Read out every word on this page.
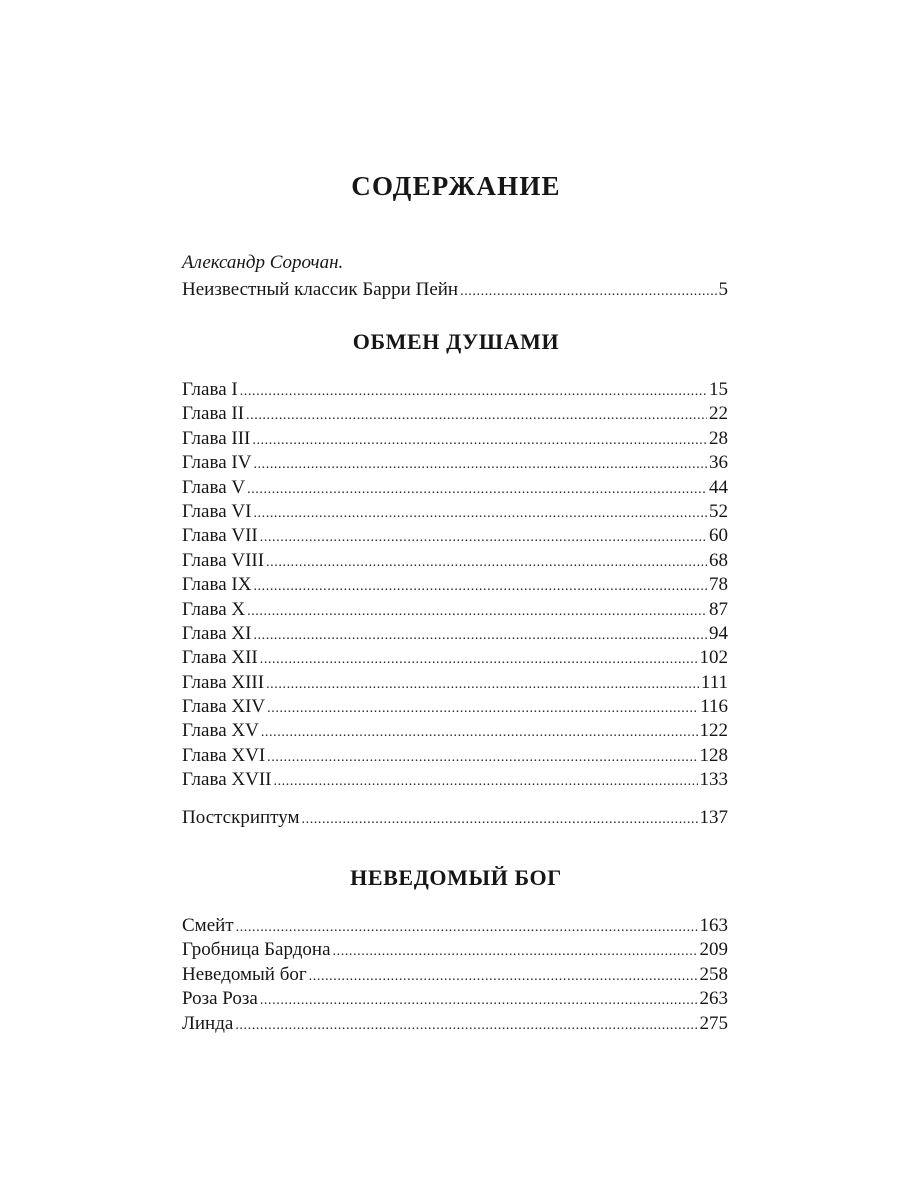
СОДЕРЖАНИЕ
Александр Сорочан.
Неизвестный классик Барри Пейн .....	5
ОБМЕН ДУШАМИ
Глава I .....	15
Глава II .....	22
Глава III .....	28
Глава IV .....	36
Глава V .....	44
Глава VI .....	52
Глава VII .....	60
Глава VIII .....	68
Глава IX .....	78
Глава X .....	87
Глава XI .....	94
Глава XII .....	102
Глава XIII .....	111
Глава XIV .....	116
Глава XV .....	122
Глава XVI .....	128
Глава XVII .....	133
Постскриптум .....	137
НЕВЕДОМЫЙ БОГ
Смейт .....	163
Гробница Бардона .....	209
Неведомый бог .....	258
Роза Роза .....	263
Линда .....	275
